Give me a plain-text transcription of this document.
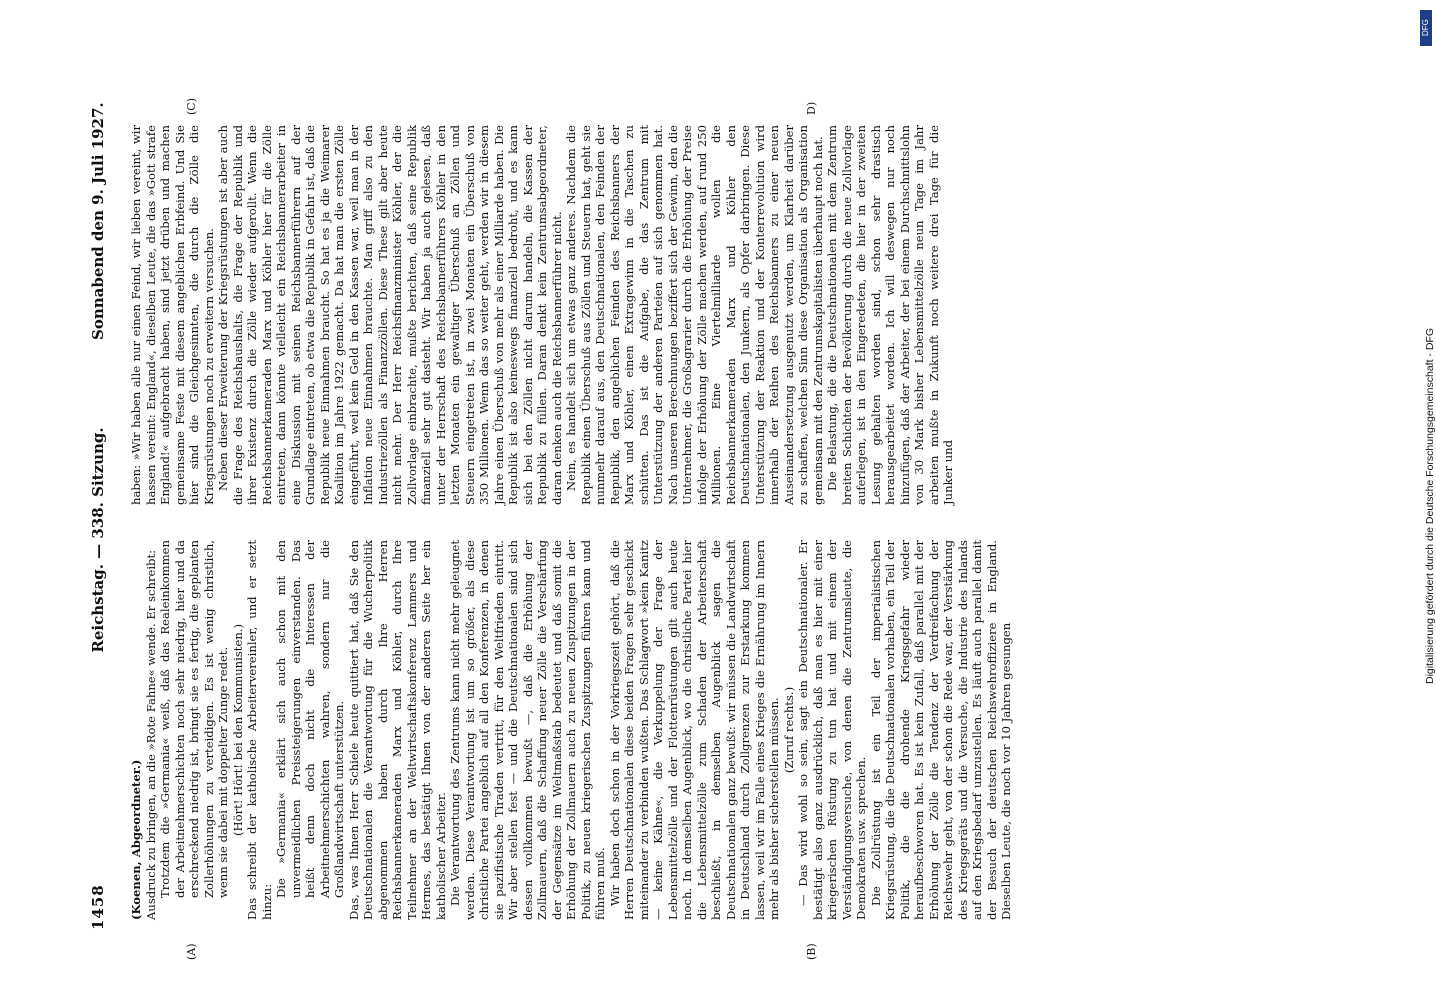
1458
Reichstag. — 338. Sitzung.
Sonnabend den 9. Juli 1927.
(A)	(B)
(C)	D)

(Koenen, Abgeordneter.) Ausdruck zu bringen, an die »Rote Fahne« wende. Er schreibt: Trotzdem die »Germania« weiß, daß das Realeinkommen der Arbeitnehmerschichten noch sehr niedrig, hier und da erschreckend niedrig ist, bringt sie es fertig, die geplanten Zollerhöhungen zu verteidigen. Es ist wenig christlich, wenn sie dabei mit doppelter Zunge redet. (Hört! Hört! bei den Kommunisten.) Das schreibt der katholische Arbeitervereinler, und er setzt hinzu:

Die »Germania« erklärt sich auch schon mit den unvermeidlichen Preissteigerungen einverstanden. Das heißt denn doch nicht die Interessen der Arbeitnehmerschichten wahren, sondern nur die Großlandwirtschaft unterstützen. Das, was Ihnen Herr Schiele heute quittiert hat, daß Sie den Deutschnationalen die Verantwortung für die Wucherpolitik abgenommen haben durch Ihre Herren Reichsbannerkameraden Marx und Köhler, durch Ihre Teilnehmer an der Weltwirtschaftskonferenz Lammers und Hermes, das bestätigt Ihnen von der anderen Seite her ein katholischer Arbeiter. Die Verantwortung des Zentrums kann nicht mehr geleugnet werden. Diese Verantwortung ist um so größer, als diese christliche Partei angeblich auf all den Konferenzen, in denen sie pazifistische Tiraden vertritt, für den Weltfrieden eintritt. Wir aber stellen fest — und die Deutschnationalen sind sich dessen vollkommen bewußt —, daß die Erhöhung der Zollmauern, daß die Schaffung neuer Zölle die Verschärfung der Gegensätze im Weltmaßstab bedeutet und daß somit die Erhöhung der Zollmauern auch zu neuen Zuspitzungen in der Politik, zu neuen kriegerischen Zuspitzungen führen kann und führen muß. Wir haben doch schon in der Vorkriegszeit gehört, daß die Herren Deutschnationalen diese beiden Fragen sehr geschickt miteinander zu verbinden wußten. Das Schlagwort »kein Kanitz — keine Kähne«, die Verkuppelung der Frage der Lebensmittelzölle und der Flottenrüstungen gilt auch heute noch. In demselben Augenblick, wo die christliche Partei hier die Lebensmittelzölle zum Schaden der Arbeiterschaft beschließt, in demselben Augenblick sagen die Deutschnationalen ganz bewußt: wir müssen die Landwirtschaft in Deutschland durch Zollgrenzen zur Erstarkung kommen lassen, weil wir im Falle eines Krieges die Ernährung im Innern mehr als bisher sicherstellen müssen. (Zuruf rechts.) — Das wird wohl so sein, sagt ein Deutschnationaler. Er bestätigt also ganz ausdrücklich, daß man es hier mit einer kriegerischen Rüstung zu tun hat und mit einem der Verständigungsversuche, von denen die Zentrumsleute, die Demokraten usw. sprechen. Die Zollrüstung ist ein Teil der imperialistischen Kriegsrüstung, die die Deutschnationalen vorhaben, ein Teil der Politik, die die drohende Kriegsgefahr wieder heraufbeschworen hat. Es ist kein Zufall, daß parallel mit der Erhöhung der Zölle die Tendenz der Verdreifachung der Reichswehr geht, von der schon die Rede war, der Verstärkung des Kriegsgeräts und die Versuche, die Industrie des Inlands auf den Kriegsbedarf umzustellen. Es läuft auch parallel damit der Besuch der deutschen Reichswehroffiziere in England. Dieselben Leute, die noch vor 10 Jahren gesungen

haben: »Wir haben alle nur einen Feind, wir lieben vereint, wir hassen vereint: England«, dieselben Leute, die das »Gott strafe England!« aufgebracht haben, sind jetzt drüben und machen gemeinsame Feste mit diesem angeblichen Erbfeind. Und Sie hier sind die Gleichgesinnten, die durch die Zölle die Kriegsrüstungen noch zu erweitern versuchen. Neben dieser Erweiterung der Kriegsrüstungen ist aber auch die Frage des Reichshaushalts, die Frage der Republik und ihrer Existenz durch die Zölle wieder aufgerollt. Wenn die Reichsbannerkameraden Marx und Köhler hier für die Zölle eintreten, dann könnte vielleicht ein Reichsbannerarbeiter in eine Diskussion mit seinen Reichsbannerführern auf der Grundlage eintreten, ob etwa die Republik in Gefahr ist, daß die Republik neue Einnahmen braucht. So hat es ja die Weimarer Koalition im Jahre 1922 gemacht. Da hat man die ersten Zölle eingeführt, weil kein Geld in den Kassen war, weil man in der Inflation neue Einnahmen brauchte. Man griff also zu den Industriezöllen als Finanzzöllen. Diese These gilt aber heute nicht mehr. Der Herr Reichsfinanzminister Köhler, der die Zollvorlage einbrachte, mußte berichten, daß seine Republik finanziell sehr gut dasteht. Wir haben ja auch gelesen, daß unter der Herrschaft des Reichsbannerführers Köhler in den letzten Monaten ein gewaltiger Überschuß an Zöllen und Steuern eingetreten ist, in zwei Monaten ein Überschuß von 350 Millionen. Wenn das so weiter geht, werden wir in diesem Jahre einen Überschuß von mehr als einer Milliarde haben. Die Republik ist also keineswegs finanziell bedroht, und es kann sich bei den Zöllen nicht darum handeln, die Kassen der Republik zu füllen. Daran denkt kein Zentrumsabgeordneter, daran denken auch die Reichsbannerführer nicht. Nein, es handelt sich um etwas ganz anderes. Nachdem die Republik einen Überschuß aus Zöllen und Steuern hat, geht sie nunmehr darauf aus, den Deutschnationalen, den Feinden der Republik, den angeblichen Feinden des Reichsbanners der Marx und Köhler, einen Extragewinn in die Taschen zu schütten. Das ist die Aufgabe, die das Zentrum mit Unterstützung der anderen Parteien auf sich genommen hat. Nach unseren Berechnungen beziffert sich der Gewinn, den die Unternehmer, die Großagrarier durch die Erhöhung der Preise infolge der Erhöhung der Zölle machen werden, auf rund 250 Millionen. Eine Viertelmilliarde wollen die Reichsbannerkameraden Marx und Köhler den Deutschnationalen, den Junkern, als Opfer darbringen. Diese Unterstützung der Reaktion und der Konterrevolution wird innerhalb der Reihen des Reichsbanners zu einer neuen Auseinandersetzung ausgenutzt werden, um Klarheit darüber zu schaffen, welchen Sinn diese Organisation als Organisation gemeinsam mit den Zentrumskapitalisten überhaupt noch hat. Die Belastung, die die Deutschnationalen mit dem Zentrum breiten Schichten der Bevölkerung durch die neue Zollvorlage auferlegen, ist in den Eingeredeten, die hier in der zweiten Lesung gehalten worden sind, schon sehr drastisch herausgearbeitet worden. Ich will deswegen nur noch hinzufügen, daß der Arbeiter, der bei einem Durchschnittslohn von 30 Mark bisher Lebensmittelzölle neun Tage im Jahr arbeiten mußte in Zukunft noch weitere drei Tage für die Junker und	Digitalisierung gefördert durch die Deutsche Forschungsgemeinschaft - DFG
DFG
